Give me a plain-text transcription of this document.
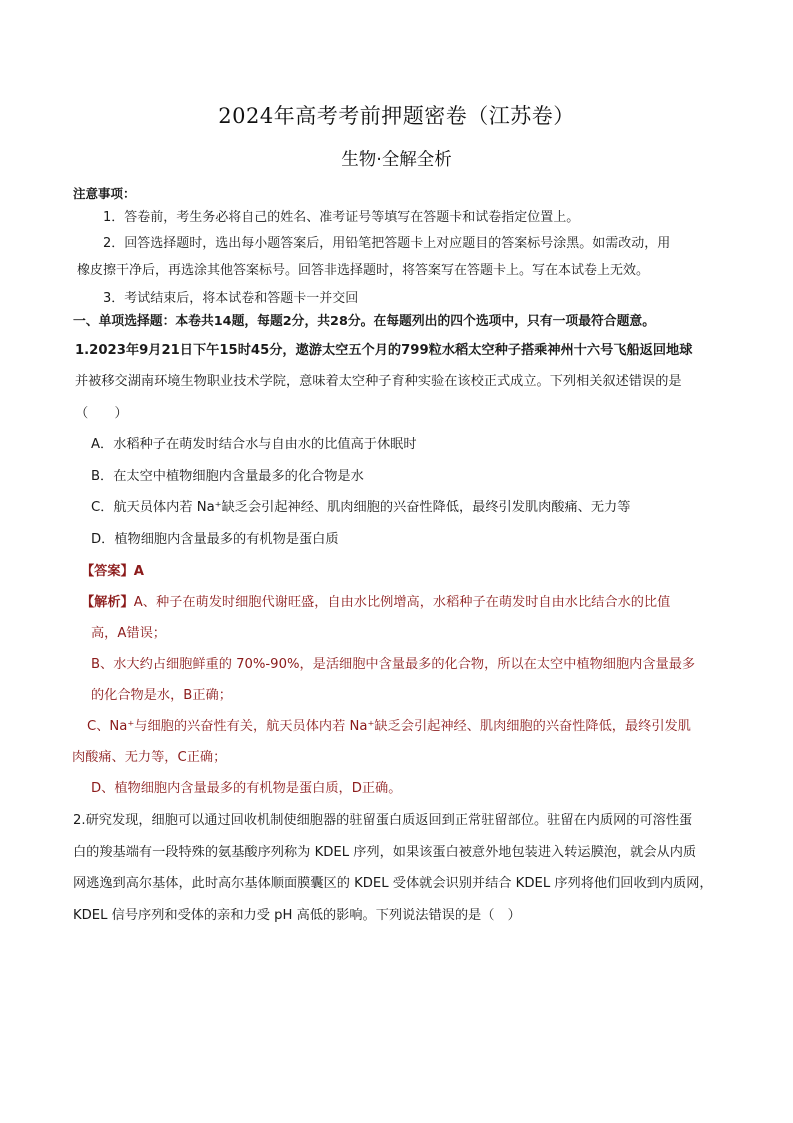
2024年高考考前押题密卷（江苏卷）
生物·全解全析
注意事项：
1．答卷前，考生务必将自己的姓名、准考证号等填写在答题卡和试卷指定位置上。
2．回答选择题时，选出每小题答案后，用铅笔把答题卡上对应题目的答案标号涂黑。如需改动，用
橡皮擦干净后，再选涂其他答案标号。回答非选择题时，将答案写在答题卡上。写在本试卷上无效。
3．考试结束后，将本试卷和答题卡一并交回
一、单项选择题：本卷共14题，每题2分，共28分。在每题列出的四个选项中，只有一项最符合题意。
1.2023年9月21日下午15时45分，遨游太空五个月的799粒水稻太空种子搭乘神州十六号飞船返回地球
并被移交湖南环境生物职业技术学院，意味着太空种子育种实验在该校正式成立。下列相关叙述错误的是
（　　）
A．水稻种子在萌发时结合水与自由水的比值高于休眠时
B．在太空中植物细胞内含量最多的化合物是水
C．航天员体内若 Na⁺缺乏会引起神经、肌肉细胞的兴奋性降低，最终引发肌肉酸痛、无力等
D．植物细胞内含量最多的有机物是蛋白质
【答案】A
【解析】A、种子在萌发时细胞代谢旺盛，自由水比例增高，水稻种子在萌发时自由水比结合水的比值
高，A错误；
B、水大约占细胞鲜重的 70%-90%，是活细胞中含量最多的化合物，所以在太空中植物细胞内含量最多
的化合物是水，B正确；
C、Na⁺与细胞的兴奋性有关，航天员体内若 Na⁺缺乏会引起神经、肌肉细胞的兴奋性降低，最终引发肌
肉酸痛、无力等，C正确；
D、植物细胞内含量最多的有机物是蛋白质，D正确。
2.研究发现，细胞可以通过回收机制使细胞器的驻留蛋白质返回到正常驻留部位。驻留在内质网的可溶性蛋
白的羧基端有一段特殊的氨基酸序列称为 KDEL 序列，如果该蛋白被意外地包装进入转运膜泡，就会从内质
网逃逸到高尔基体，此时高尔基体顺面膜囊区的 KDEL 受体就会识别并结合 KDEL 序列将他们回收到内质网，
KDEL 信号序列和受体的亲和力受 pH 高低的影响。下列说法错误的是（　）
